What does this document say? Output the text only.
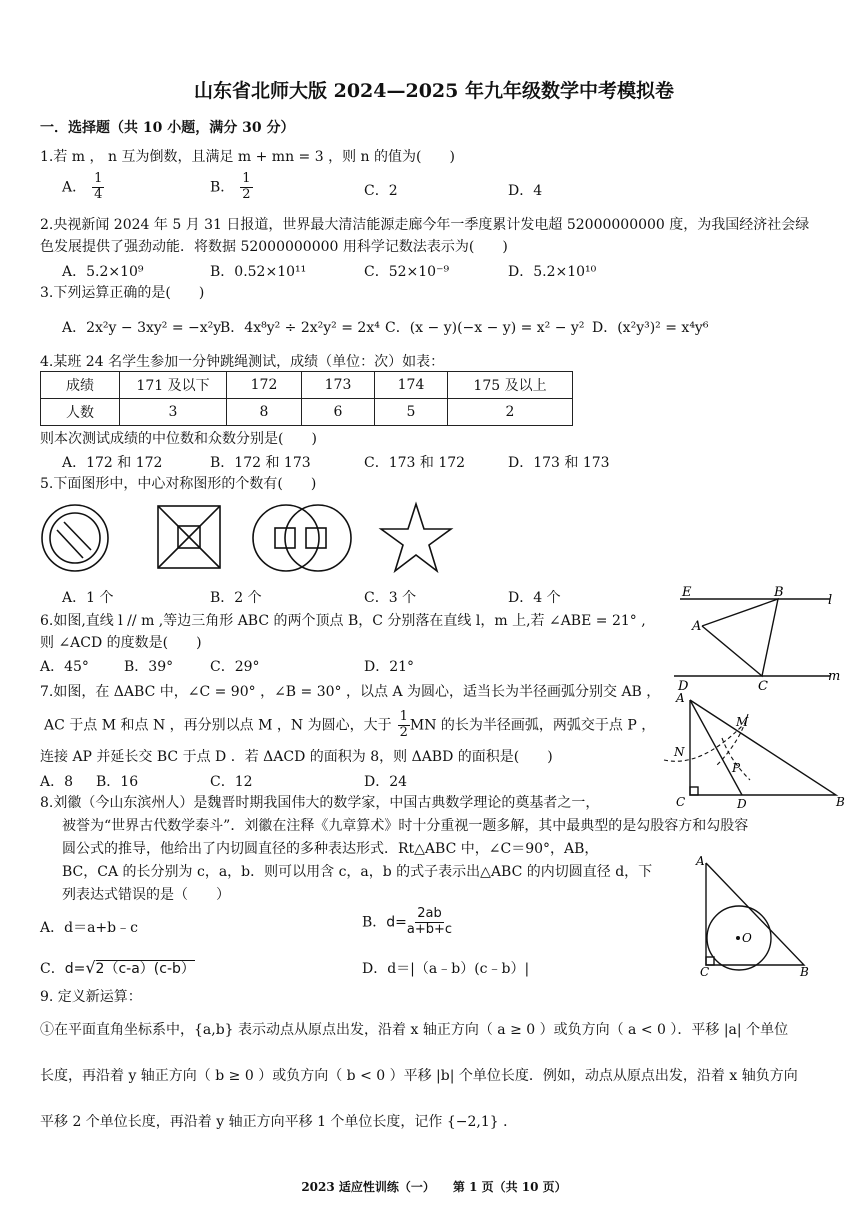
山东省北师大版 2024—2025 年九年级数学中考模拟卷
一．选择题（共 10 小题，满分 30 分）
1.若 m ， n 互为倒数，且满足 m + mn = 3 ，则 n 的值为(　　)
A． $\frac{1}{4}$	B． $\frac{1}{2}$	C．2	D．4
2.央视新闻 2024 年 5 月 31 日报道，世界最大清洁能源走廊今年一季度累计发电超 52000000000 度，为我国经济社会绿
色发展提供了强劲动能．将数据 52000000000 用科学记数法表示为(　　)
A．5.2×10⁹	B．0.52×10¹¹	C．52×10⁻⁹	D．5.2×10¹⁰
3.下列运算正确的是(　　)
A．2x²y − 3xy² = −x²y
B．4x⁸y² ÷ 2x²y² = 2x⁴ C．(x − y)(−x − y) = x² − y² D．(x²y³)² = x⁴y⁶
4.某班 24 名学生参加一分钟跳绳测试，成绩（单位：次）如表：
成绩	171 及以下	172	173	174	175 及以上
人数	3	8	6	5	2
则本次测试成绩的中位数和众数分别是(　　)
A．172 和 172	B．172 和 173	C．173 和 172	D．173 和 173
5.下面图形中，中心对称图形的个数有(　　)
A．1 个	B．2 个	C．3 个	D．4 个	E	B
l
A
D	C
m
6.如图,直线 l // m ,等边三角形 ABC 的两个顶点 B，C 分别落在直线 l，m 上,若 ∠ABE = 21° ,
则 ∠ACD 的度数是(　　)
A．45°	B．39°	C．29°	D．21°
A
M
N
P
C	D	B
7.如图，在 ΔABC 中，∠C = 90° ，∠B = 30° ，以点 A 为圆心，适当长为半径画弧分别交 AB ，
AC 于点 M 和点 N ，再分别以点 M ，N 为圆心，大于 $\frac{1}{2}$ MN 的长为半径画弧，两弧交于点 P ，
连接 AP 并延长交 BC 于点 D ．若 ΔACD 的面积为 8，则 ΔABD 的面积是(　　)
A．8 B．16	C．12	D．24
8.刘徽（今山东滨州人）是魏晋时期我国伟大的数学家，中国古典数学理论的奠基者之一，
被誉为“世界古代数学泰斗”．刘徽在注释《九章算术》时十分重视一题多解，其中最典型的是勾股容方和勾股容
圆公式的推导，他给出了内切圆直径的多种表达形式．Rt△ABC 中，∠C＝90°，AB，
BC，CA 的长分别为 c，a，b．则可以用含 c，a，b 的式子表示出△ABC 的内切圆直径 d，下
列表达式错误的是（　　）
A．d＝a+b﹣c	B．$d= \frac{2ab}{a+b+c}$
C．d=√2（c-a）(c-b）	D．d＝|（a﹣b）(c﹣b）|
A
O
C	B
9. 定义新运算：
①在平面直角坐标系中，{a,b} 表示动点从原点出发，沿着 x 轴正方向（ a ≥ 0 ）或负方向（ a < 0 ）．平移 |a| 个单位
长度，再沿着 y 轴正方向（ b ≥ 0 ）或负方向（ b < 0 ）平移 |b| 个单位长度．例如，动点从原点出发，沿着 x 轴负方向
平移 2 个单位长度，再沿着 y 轴正方向平移 1 个单位长度，记作 {−2,1} ．
2023 适应性训练（一）　　第 1 页（共 10 页）
